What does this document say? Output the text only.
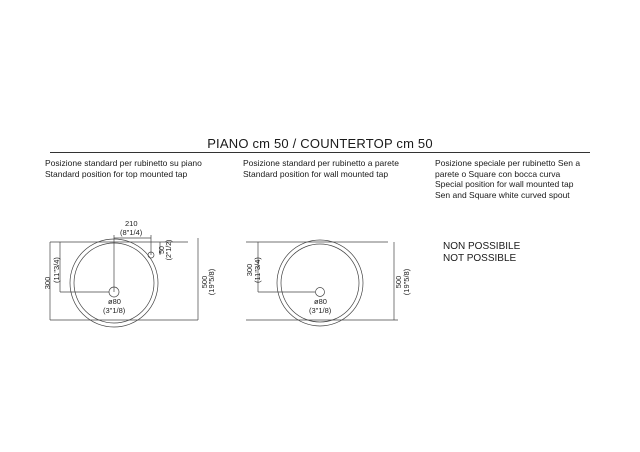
PIANO cm 50 / COUNTERTOP cm 50
Posizione standard per rubinetto su piano
Standard position for top mounted tap
Posizione standard per rubinetto a parete
Standard position for wall mounted tap
Posizione speciale per rubinetto Sen a
parete o Square con bocca curva
Special position for wall mounted tap
Sen and Square white curved spout
NON POSSIBILE
NOT POSSIBLE
210
(8"1/4)
300
(11"3/4)	500
(19"5/8)
50 (2"1/2)
ø80
(3"1/8)
300 (11"3/4)	500 (19"5/8)
ø80
(3"1/8)
